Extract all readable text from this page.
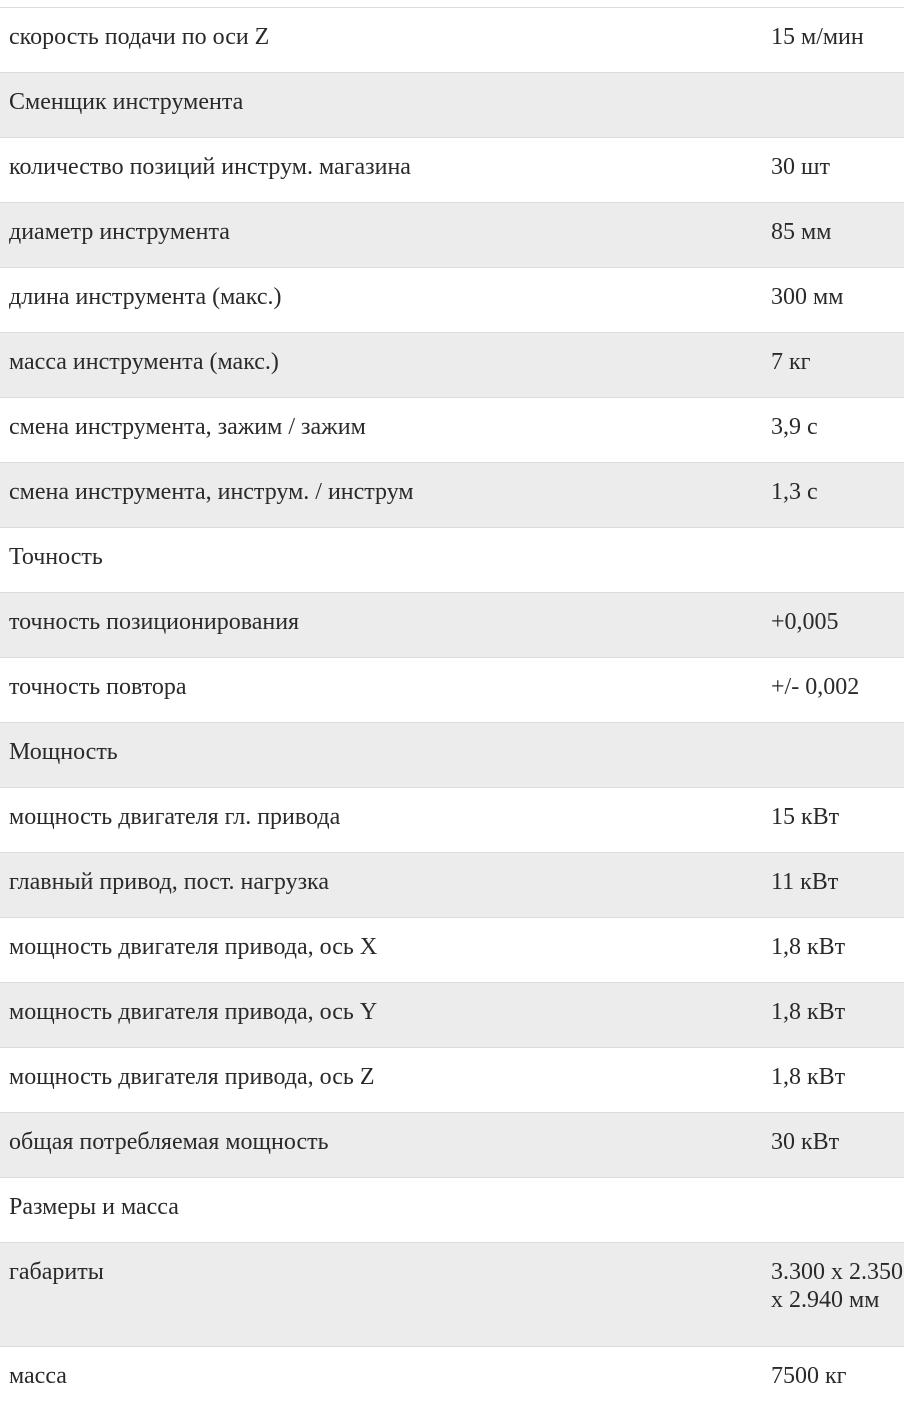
скорость подачи по оси Z	15 м/мин
Сменщик инструмента	
количество позиций инструм. магазина	30 шт
диаметр инструмента	85 мм
длина инструмента (макс.)	300 мм
масса инструмента (макс.)	7 кг
смена инструмента, зажим / зажим	3,9 с
смена инструмента, инструм. / инструм	1,3 с
Точность	
точность позиционирования	+0,005
точность повтора	+/- 0,002
Мощность	
мощность двигателя гл. привода	15 кВт
главный привод, пост. нагрузка	11 кВт
мощность двигателя привода, ось X	1,8 кВт
мощность двигателя привода, ось Y	1,8 кВт
мощность двигателя привода, ось Z	1,8 кВт
общая потребляемая мощность	30 кВт
Размеры и масса	
габариты	3.300 x 2.350 x 2.940 мм
масса	7500 кг
